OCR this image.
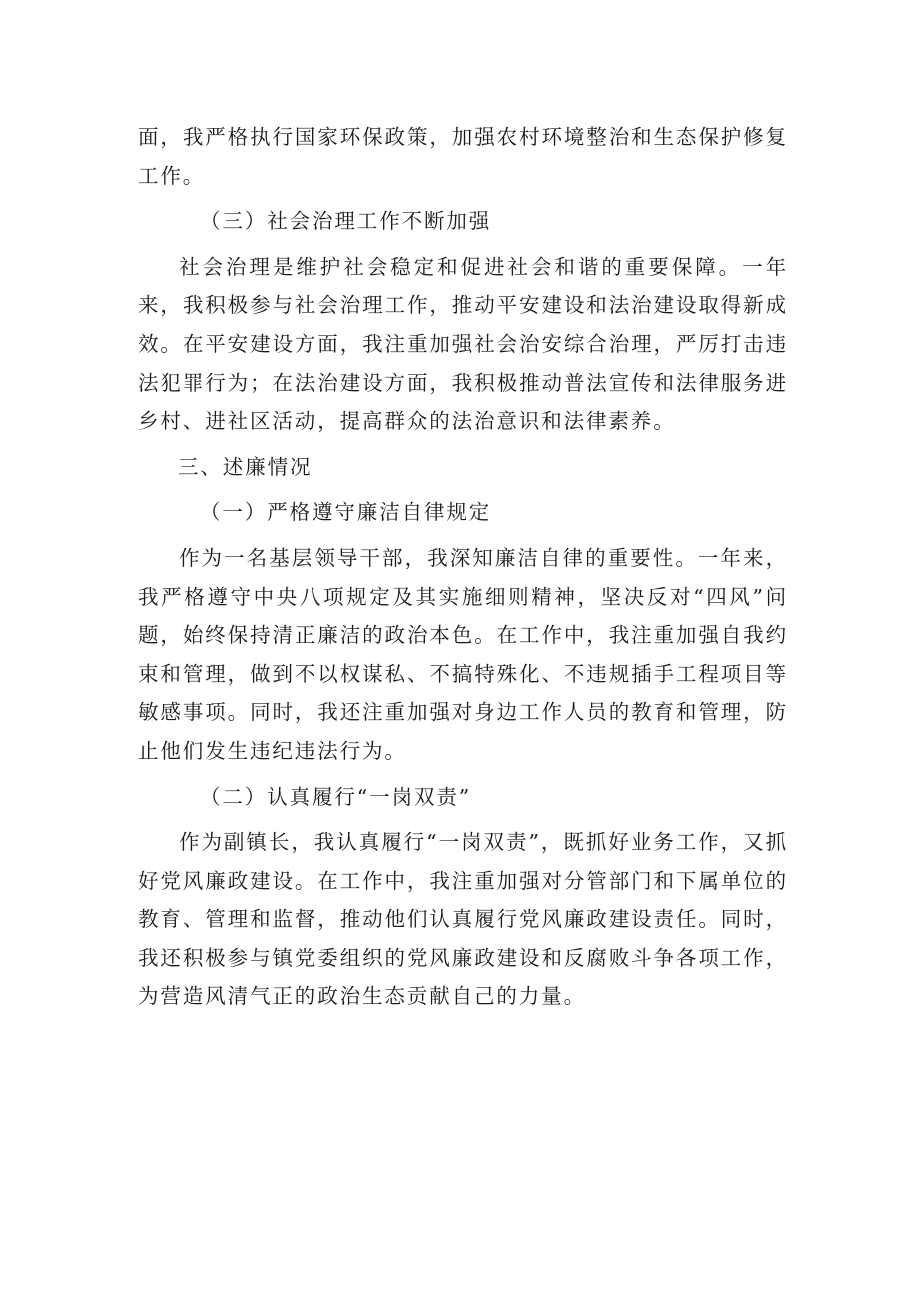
面，我严格执行国家环保政策，加强农村环境整治和生态保护修复工作。

（三）社会治理工作不断加强

社会治理是维护社会稳定和促进社会和谐的重要保障。一年来，我积极参与社会治理工作，推动平安建设和法治建设取得新成效。在平安建设方面，我注重加强社会治安综合治理，严厉打击违法犯罪行为；在法治建设方面，我积极推动普法宣传和法律服务进乡村、进社区活动，提高群众的法治意识和法律素养。

三、述廉情况

（一）严格遵守廉洁自律规定

作为一名基层领导干部，我深知廉洁自律的重要性。一年来，我严格遵守中央八项规定及其实施细则精神，坚决反对“四风”问题，始终保持清正廉洁的政治本色。在工作中，我注重加强自我约束和管理，做到不以权谋私、不搞特殊化、不违规插手工程项目等敏感事项。同时，我还注重加强对身边工作人员的教育和管理，防止他们发生违纪违法行为。

（二）认真履行“一岗双责”

作为副镇长，我认真履行“一岗双责”，既抓好业务工作，又抓好党风廉政建设。在工作中，我注重加强对分管部门和下属单位的教育、管理和监督，推动他们认真履行党风廉政建设责任。同时，我还积极参与镇党委组织的党风廉政建设和反腐败斗争各项工作，为营造风清气正的政治生态贡献自己的力量。
